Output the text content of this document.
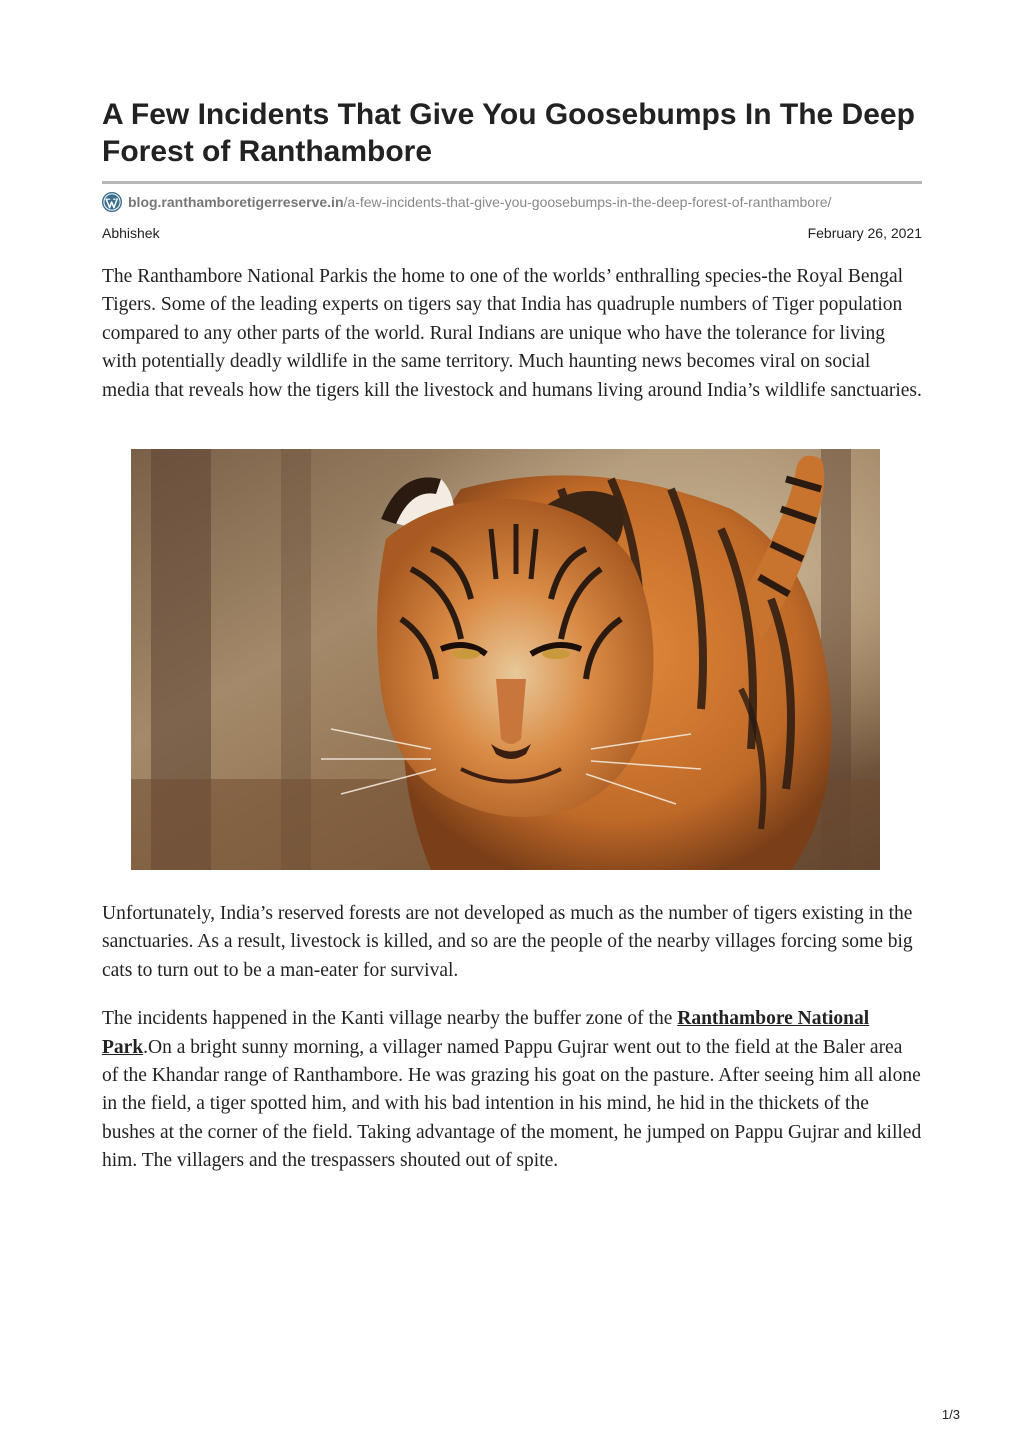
A Few Incidents That Give You Goosebumps In The Deep Forest of Ranthambore
blog.ranthamboretigerreserve.in /a-few-incidents-that-give-you-goosebumps-in-the-deep-forest-of-ranthambore/
Abhishek	February 26, 2021

The Ranthambore National Parkis the home to one of the worlds’ enthralling species-the Royal Bengal Tigers. Some of the leading experts on tigers say that India has quadruple numbers of Tiger population compared to any other parts of the world. Rural Indians are unique who have the tolerance for living with potentially deadly wildlife in the same territory. Much haunting news becomes viral on social media that reveals how the tigers kill the livestock and humans living around India’s wildlife sanctuaries.

Unfortunately, India’s reserved forests are not developed as much as the number of tigers existing in the sanctuaries. As a result, livestock is killed, and so are the people of the nearby villages forcing some big cats to turn out to be a man-eater for survival.

The incidents happened in the Kanti village nearby the buffer zone of the Ranthambore National Park.On a bright sunny morning, a villager named Pappu Gujrar went out to the field at the Baler area of the Khandar range of Ranthambore. He was grazing his goat on the pasture. After seeing him all alone in the field, a tiger spotted him, and with his bad intention in his mind, he hid in the thickets of the bushes at the corner of the field. Taking advantage of the moment, he jumped on Pappu Gujrar and killed him. The villagers and the trespassers shouted out of spite.

1/3
